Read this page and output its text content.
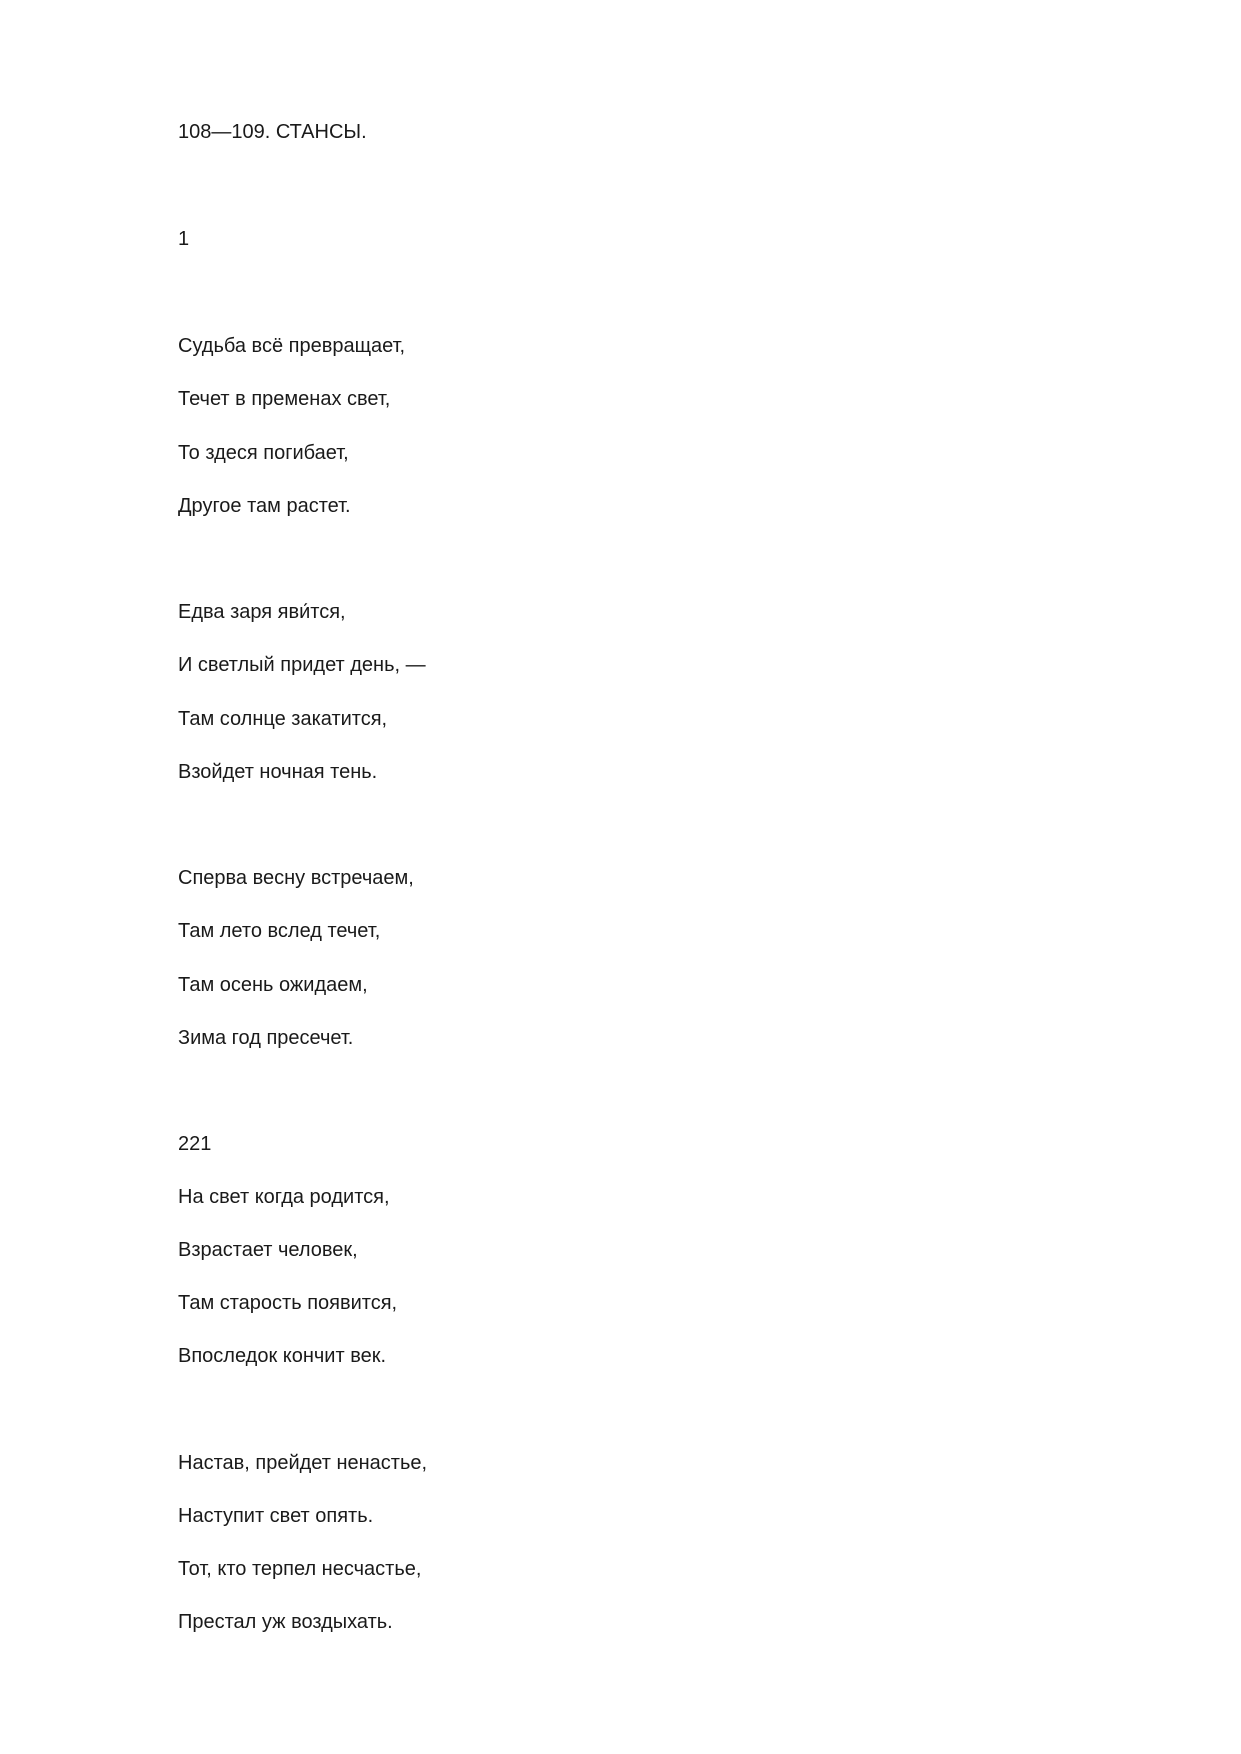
108—109. СТАНСЫ.

1

Судьба всё превращает,

Течет в пременах свет,

То здеся погибает,

Другое там растет.

Едва заря яви́тся,

И светлый придет день, —

Там солнце закатится,

Взойдет ночная тень.

Сперва весну встречаем,

Там лето вслед течет,

Там осень ожидаем,

Зима год пресечет.

221

На свет когда родится,

Взрастает человек,

Там старость появится,

Впоследок кончит век.

Настав, прейдет ненастье,

Наступит свет опять.

Тот, кто терпел несчастье,

Престал уж воздыхать.
